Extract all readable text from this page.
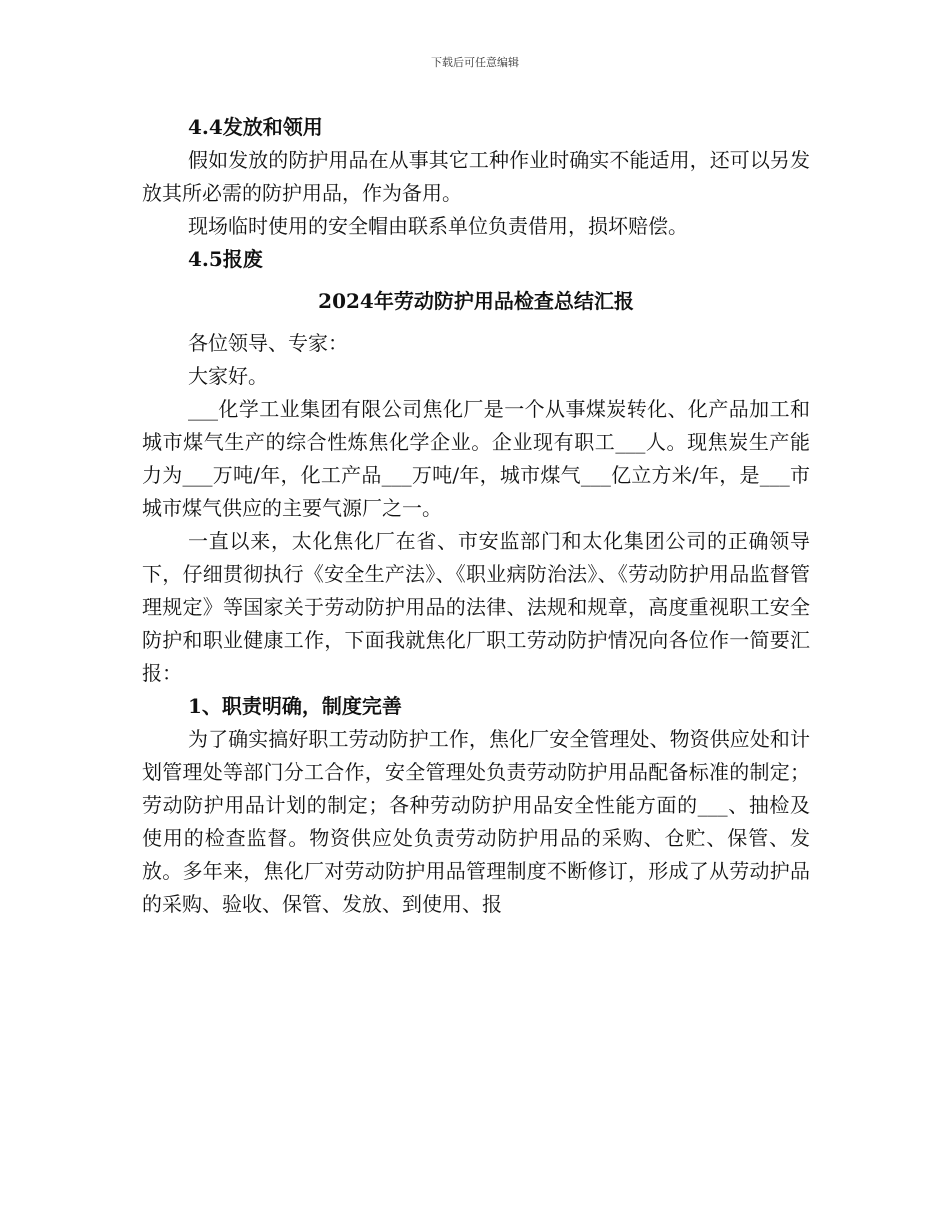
下载后可任意编辑

4.4发放和领用

假如发放的防护用品在从事其它工种作业时确实不能适用，还可以另发放其所必需的防护用品，作为备用。

现场临时使用的安全帽由联系单位负责借用，损坏赔偿。

4.5报废

2024年劳动防护用品检查总结汇报

各位领导、专家：

大家好。

___化学工业集团有限公司焦化厂是一个从事煤炭转化、化产品加工和城市煤气生产的综合性炼焦化学企业。企业现有职工___人。现焦炭生产能力为___万吨/年，化工产品___万吨/年，城市煤气___亿立方米/年，是___市城市煤气供应的主要气源厂之一。

一直以来，太化焦化厂在省、市安监部门和太化集团公司的正确领导下，仔细贯彻执行《安全生产法》、《职业病防治法》、《劳动防护用品监督管理规定》等国家关于劳动防护用品的法律、法规和规章，高度重视职工安全防护和职业健康工作，下面我就焦化厂职工劳动防护情况向各位作一简要汇报：

1、职责明确，制度完善

为了确实搞好职工劳动防护工作，焦化厂安全管理处、物资供应处和计划管理处等部门分工合作，安全管理处负责劳动防护用品配备标准的制定；劳动防护用品计划的制定；各种劳动防护用品安全性能方面的___、抽检及使用的检查监督。物资供应处负责劳动防护用品的采购、仓贮、保管、发放。多年来，焦化厂对劳动防护用品管理制度不断修订，形成了从劳动护品的采购、验收、保管、发放、到使用、报
